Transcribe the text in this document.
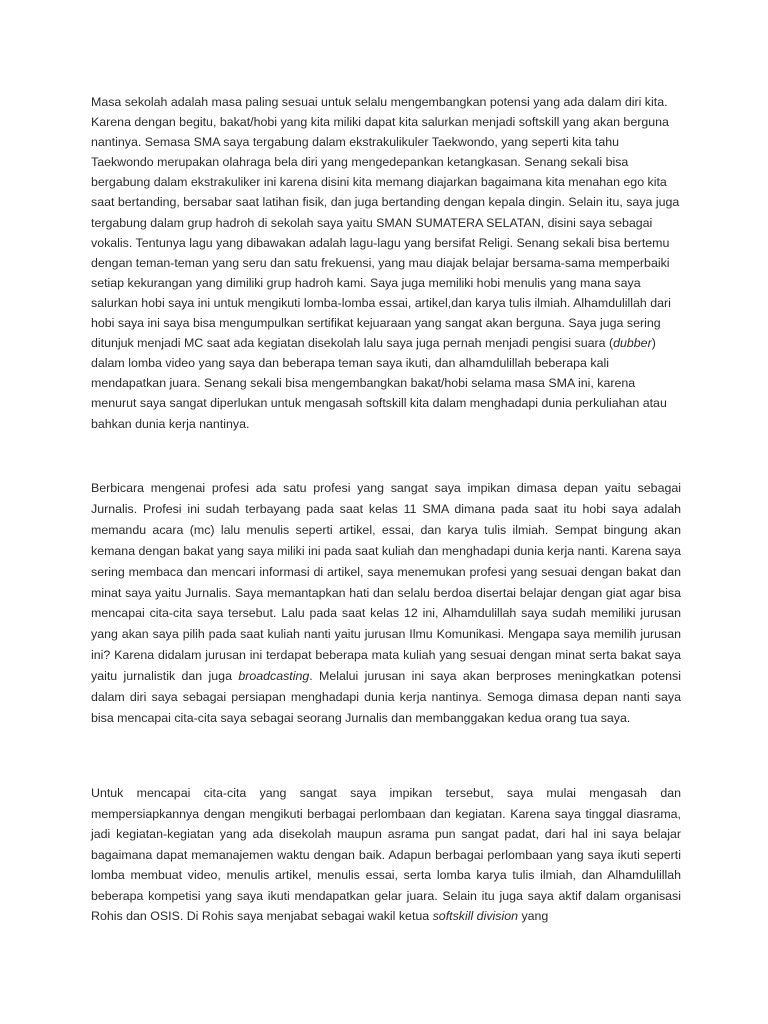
Masa sekolah adalah masa paling sesuai untuk selalu mengembangkan potensi yang ada dalam diri kita. Karena dengan begitu, bakat/hobi yang kita miliki dapat kita salurkan menjadi softskill yang akan berguna nantinya. Semasa SMA saya tergabung dalam ekstrakulikuler Taekwondo, yang seperti kita tahu Taekwondo merupakan olahraga bela diri yang mengedepankan ketangkasan. Senang sekali bisa bergabung dalam ekstrakuliker ini karena disini kita memang diajarkan bagaimana kita menahan ego kita saat bertanding, bersabar saat latihan fisik, dan juga bertanding dengan kepala dingin. Selain itu, saya juga tergabung dalam grup hadroh di sekolah saya yaitu SMAN SUMATERA SELATAN, disini saya sebagai vokalis. Tentunya lagu yang dibawakan adalah lagu-lagu yang bersifat Religi. Senang sekali bisa bertemu dengan teman-teman yang seru dan satu frekuensi, yang mau diajak belajar bersama-sama memperbaiki setiap kekurangan yang dimiliki grup hadroh kami. Saya juga memiliki hobi menulis yang mana saya salurkan hobi saya ini untuk mengikuti lomba-lomba essai, artikel,dan karya tulis ilmiah. Alhamdulillah dari hobi saya ini saya bisa mengumpulkan sertifikat kejuaraan yang sangat akan berguna. Saya juga sering ditunjuk menjadi MC saat ada kegiatan disekolah lalu saya juga pernah menjadi pengisi suara (dubber) dalam lomba video yang saya dan beberapa teman saya ikuti, dan alhamdulillah beberapa kali mendapatkan juara. Senang sekali bisa mengembangkan bakat/hobi selama masa SMA ini, karena menurut saya sangat diperlukan untuk mengasah softskill kita dalam menghadapi dunia perkuliahan atau bahkan dunia kerja nantinya.

Berbicara mengenai profesi ada satu profesi yang sangat saya impikan dimasa depan yaitu sebagai Jurnalis. Profesi ini sudah terbayang pada saat kelas 11 SMA dimana pada saat itu hobi saya adalah memandu acara (mc) lalu menulis seperti artikel, essai, dan karya tulis ilmiah. Sempat bingung akan kemana dengan bakat yang saya miliki ini pada saat kuliah dan menghadapi dunia kerja nanti. Karena saya sering membaca dan mencari informasi di artikel, saya menemukan profesi yang sesuai dengan bakat dan minat saya yaitu Jurnalis. Saya memantapkan hati dan selalu berdoa disertai belajar dengan giat agar bisa mencapai cita-cita saya tersebut. Lalu pada saat kelas 12 ini, Alhamdulillah saya sudah memiliki jurusan yang akan saya pilih pada saat kuliah nanti yaitu jurusan Ilmu Komunikasi. Mengapa saya memilih jurusan ini? Karena didalam jurusan ini terdapat beberapa mata kuliah yang sesuai dengan minat serta bakat saya yaitu jurnalistik dan juga broadcasting. Melalui jurusan ini saya akan berproses meningkatkan potensi dalam diri saya sebagai persiapan menghadapi dunia kerja nantinya. Semoga dimasa depan nanti saya bisa mencapai cita-cita saya sebagai seorang Jurnalis dan membanggakan kedua orang tua saya.

Untuk mencapai cita-cita yang sangat saya impikan tersebut, saya mulai mengasah dan mempersiapkannya dengan mengikuti berbagai perlombaan dan kegiatan. Karena saya tinggal diasrama, jadi kegiatan-kegiatan yang ada disekolah maupun asrama pun sangat padat, dari hal ini saya belajar bagaimana dapat memanajemen waktu dengan baik. Adapun berbagai perlombaan yang saya ikuti seperti lomba membuat video, menulis artikel, menulis essai, serta lomba karya tulis ilmiah, dan Alhamdulillah beberapa kompetisi yang saya ikuti mendapatkan gelar juara. Selain itu juga saya aktif dalam organisasi Rohis dan OSIS. Di Rohis saya menjabat sebagai wakil ketua softskill division yang
